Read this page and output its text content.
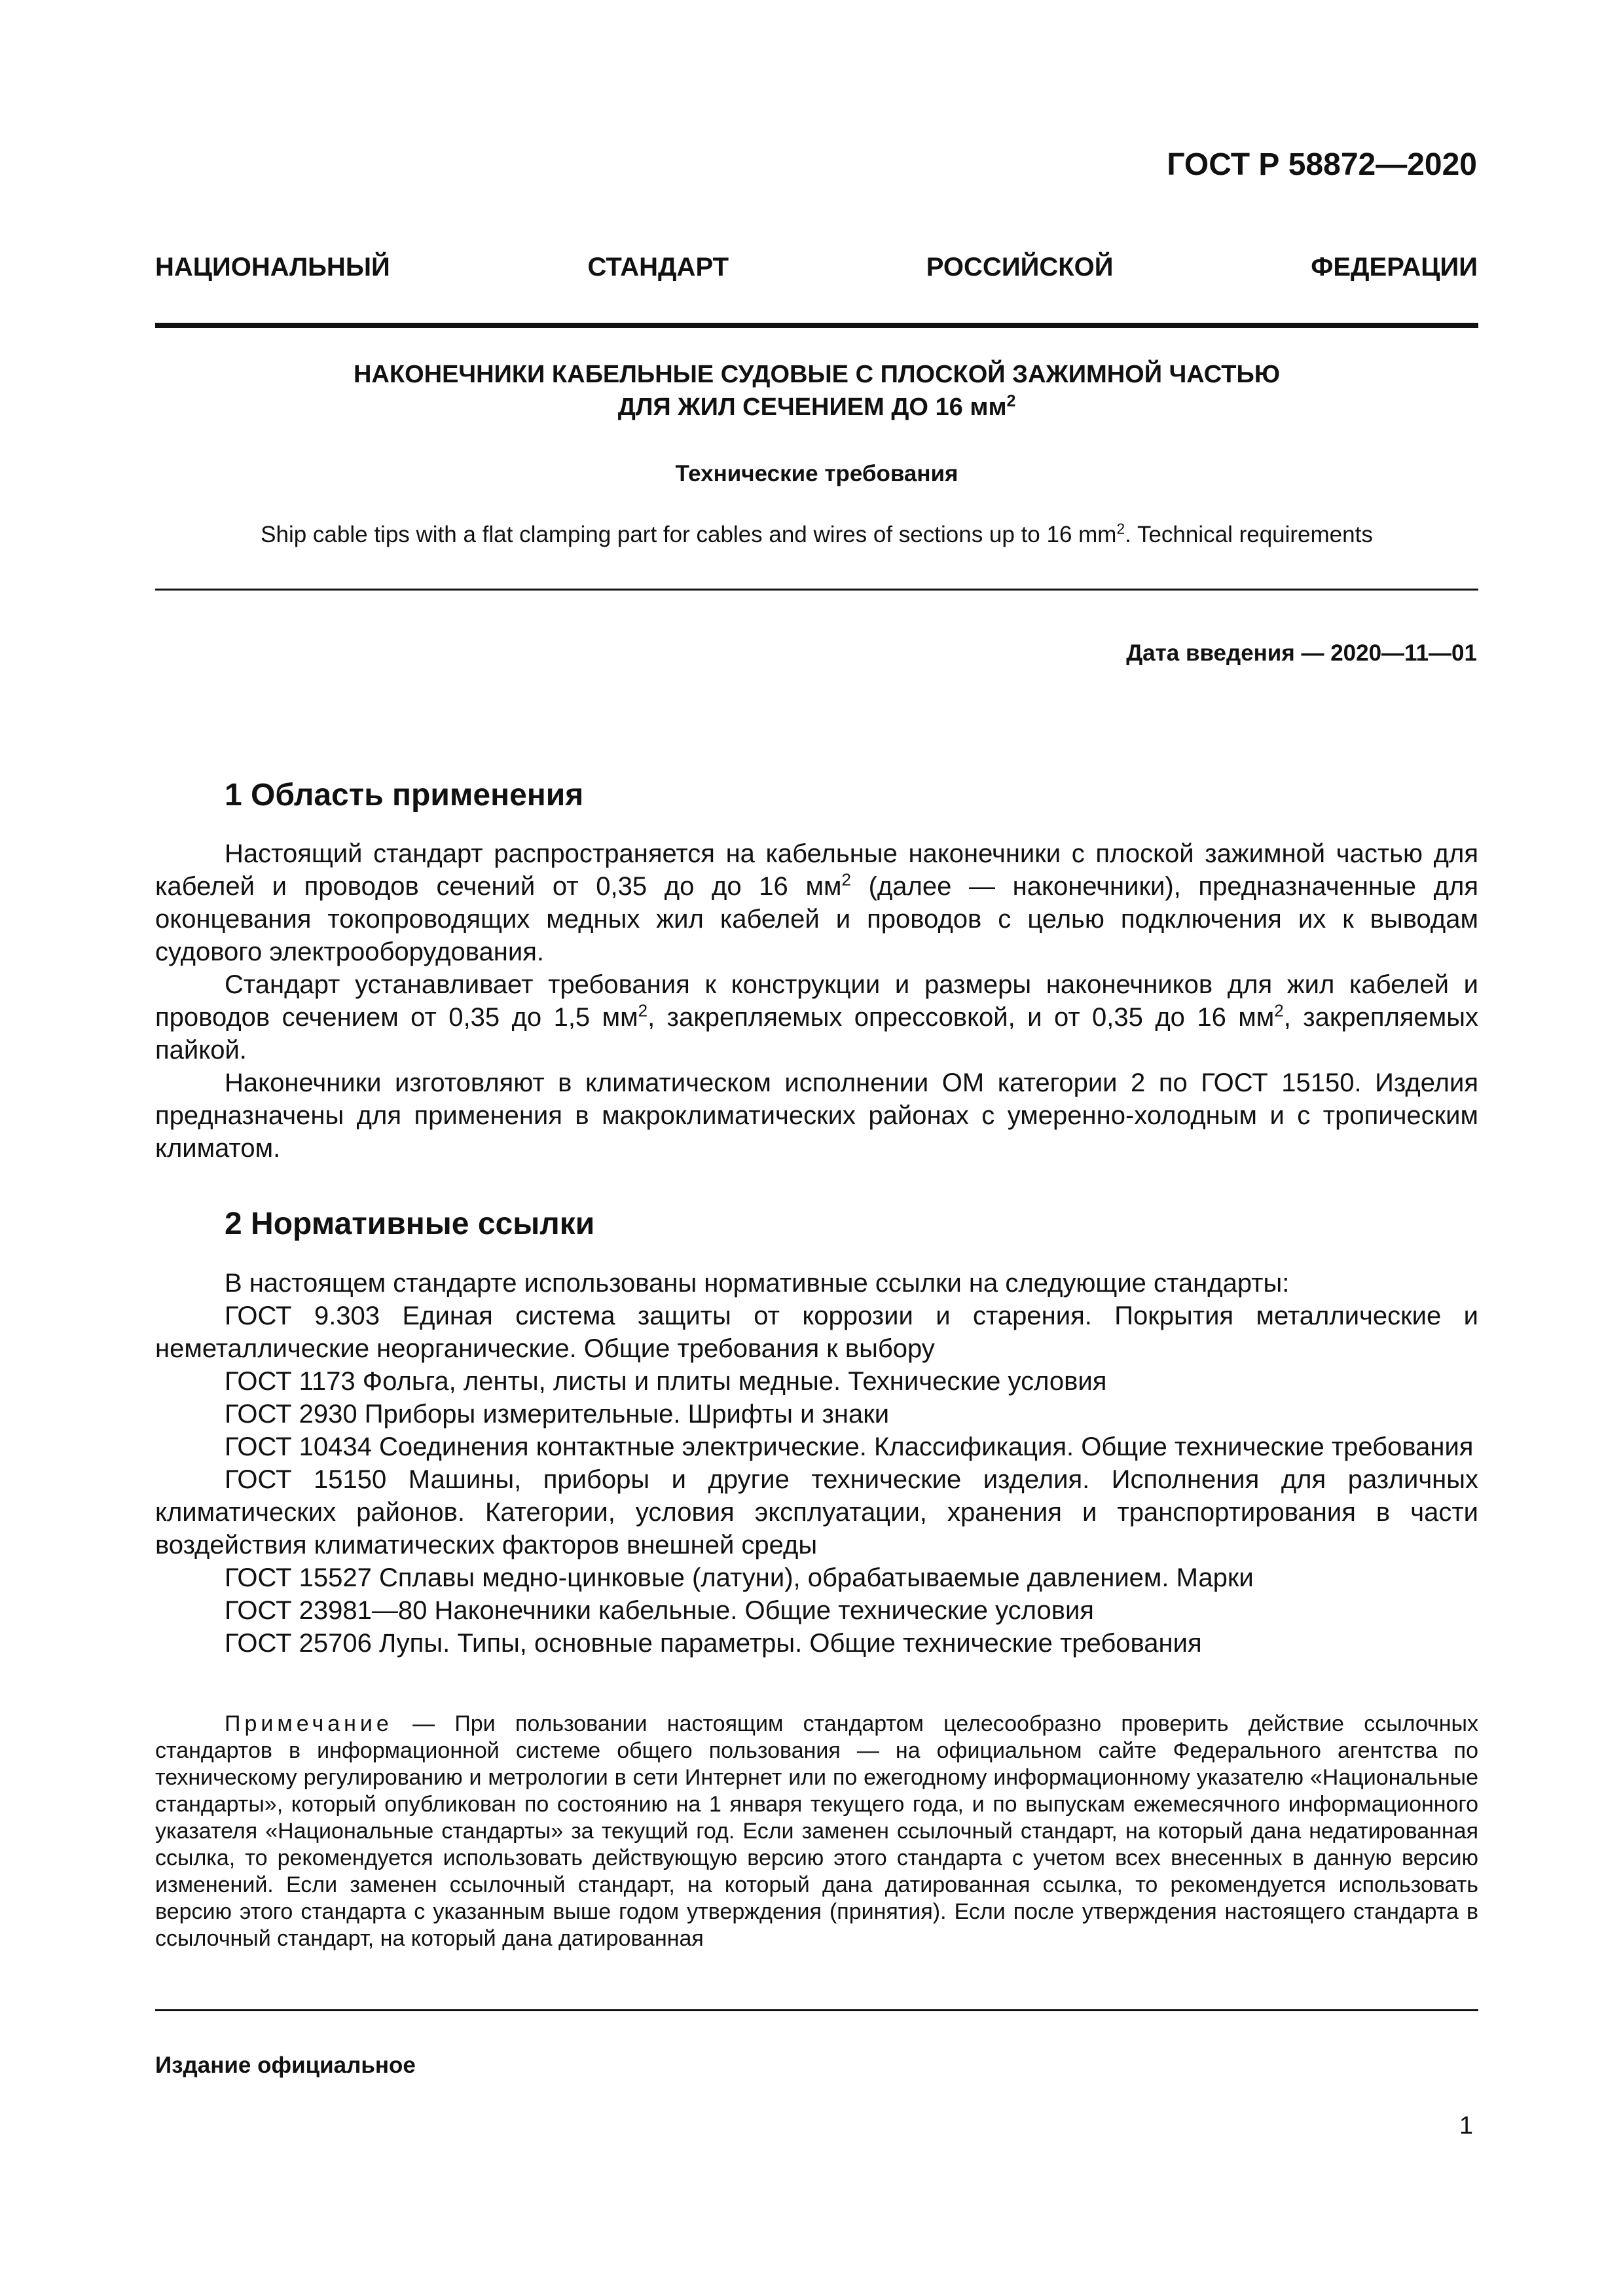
ГОСТ Р 58872—2020
НАЦИОНАЛЬНЫЙ СТАНДАРТ РОССИЙСКОЙ ФЕДЕРАЦИИ
НАКОНЕЧНИКИ КАБЕЛЬНЫЕ СУДОВЫЕ С ПЛОСКОЙ ЗАЖИМНОЙ ЧАСТЬЮ
ДЛЯ ЖИЛ СЕЧЕНИЕМ ДО 16 $мм^2$
Технические требования
Ship cable tips with a flat clamping part for cables and wires of sections up to 16 $mm^2$. Technical requirements
Дата введения — 2020—11—01
1 Область применения

Настоящий стандарт распространяется на кабельные наконечники с плоской зажимной частью для кабелей и проводов сечений от 0,35 до до 16 $мм^2$ (далее — наконечники), предназначенные для оконцевания токопроводящих медных жил кабелей и проводов с целью подключения их к выводам судового электрооборудования.

Стандарт устанавливает требования к конструкции и размеры наконечников для жил кабелей и проводов сечением от 0,35 до 1,5 $мм^2$, закрепляемых опрессовкой, и от 0,35 до 16 $мм^2$, закрепляемых пайкой.

Наконечники изготовляют в климатическом исполнении ОМ категории 2 по ГОСТ 15150. Изделия предназначены для применения в макроклиматических районах с умеренно-холодным и с тропическим климатом.

2 Нормативные ссылки

В настоящем стандарте использованы нормативные ссылки на следующие стандарты:

ГОСТ 9.303 Единая система защиты от коррозии и старения. Покрытия металлические и неметаллические неорганические. Общие требования к выбору

ГОСТ 1173 Фольга, ленты, листы и плиты медные. Технические условия

ГОСТ 2930 Приборы измерительные. Шрифты и знаки

ГОСТ 10434 Соединения контактные электрические. Классификация. Общие технические требования

ГОСТ 15150 Машины, приборы и другие технические изделия. Исполнения для различных климатических районов. Категории, условия эксплуатации, хранения и транспортирования в части воздействия климатических факторов внешней среды

ГОСТ 15527 Сплавы медно-цинковые (латуни), обрабатываемые давлением. Марки

ГОСТ 23981—80 Наконечники кабельные. Общие технические условия

ГОСТ 25706 Лупы. Типы, основные параметры. Общие технические требования

Примечание — При пользовании настоящим стандартом целесообразно проверить действие ссылочных стандартов в информационной системе общего пользования — на официальном сайте Федерального агентства по техническому регулированию и метрологии в сети Интернет или по ежегодному информационному указателю «Национальные стандарты», который опубликован по состоянию на 1 января текущего года, и по выпускам ежемесячного информационного указателя «Национальные стандарты» за текущий год. Если заменен ссылочный стандарт, на который дана недатированная ссылка, то рекомендуется использовать действующую версию этого стандарта с учетом всех внесенных в данную версию изменений. Если заменен ссылочный стандарт, на который дана датированная ссылка, то рекомендуется использовать версию этого стандарта с указанным выше годом утверждения (принятия). Если после утверждения настоящего стандарта в ссылочный стандарт, на который дана датированная

Издание официальное
1
